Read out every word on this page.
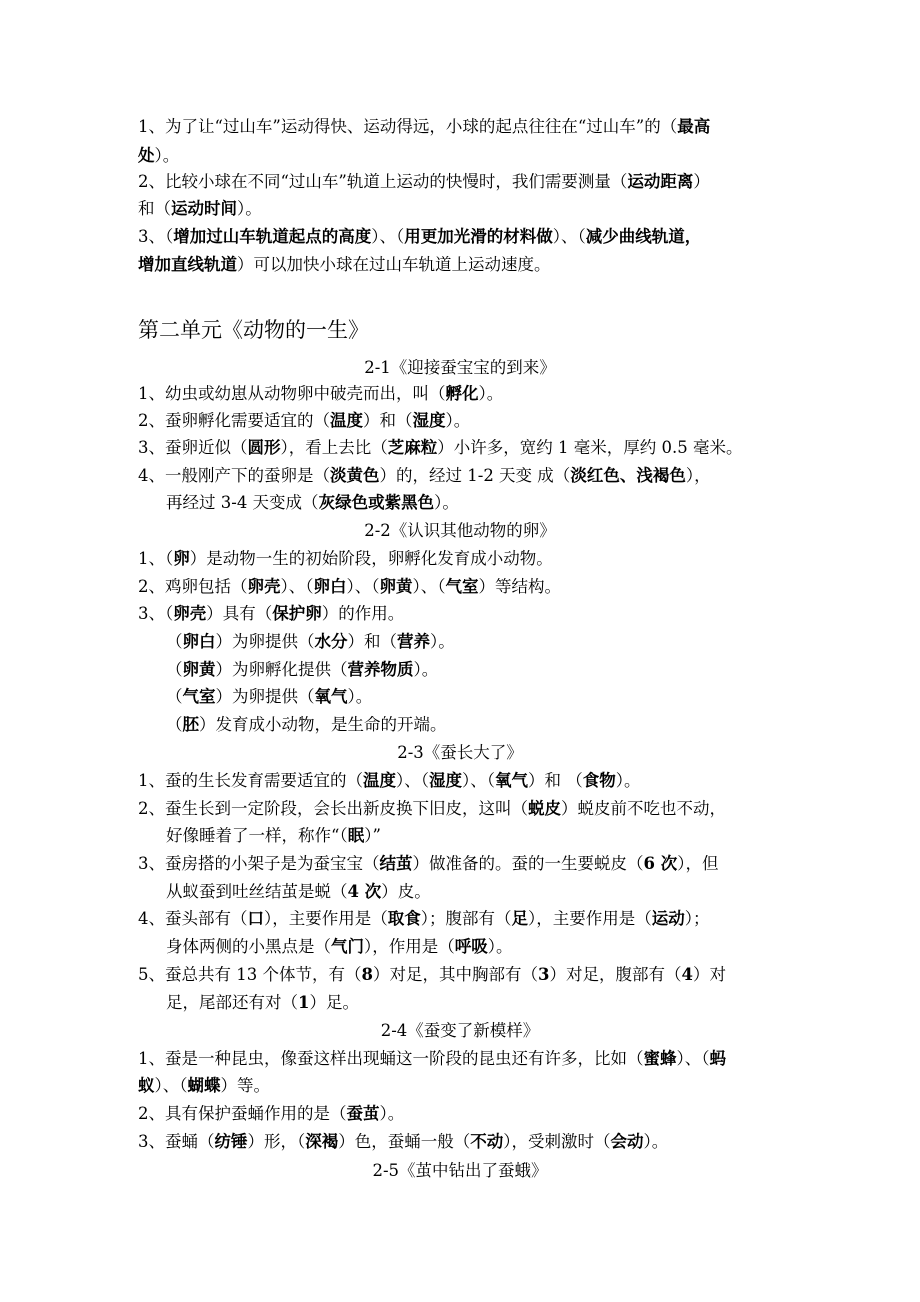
1、为了让“过山车”运动得快、运动得远，小球的起点往往在“过山车”的（最高
处）。
2、比较小球在不同“过山车”轨道上运动的快慢时，我们需要测量（运动距离）
和（运动时间）。
3、（增加过山车轨道起点的高度）、（用更加光滑的材料做）、（减少曲线轨道，
增加直线轨道）可以加快小球在过山车轨道上运动速度。
第二单元《动物的一生》
2-1《迎接蚕宝宝的到来》
1、幼虫或幼崽从动物卵中破壳而出，叫（孵化）。
2、蚕卵孵化需要适宜的（温度）和（湿度）。
3、蚕卵近似（圆形），看上去比（芝麻粒）小许多，宽约 1 毫米，厚约 0.5 毫米。
4、一般刚产下的蚕卵是（淡黄色）的，经过 1-2 天变 成（淡红色、浅褐色），
再经过 3-4 天变成（灰绿色或紫黑色）。
2-2《认识其他动物的卵》
1、（卵）是动物一生的初始阶段，卵孵化发育成小动物。
2、鸡卵包括（卵壳）、（卵白）、（卵黄）、（气室）等结构。
3、（卵壳）具有（保护卵）的作用。
（卵白）为卵提供（水分）和（营养）。
（卵黄）为卵孵化提供（营养物质）。
（气室）为卵提供（氧气）。
（胚）发育成小动物，是生命的开端。
2-3《蚕长大了》
1、蚕的生长发育需要适宜的（温度）、（湿度）、（氧气）和 （食物）。
2、蚕生长到一定阶段，会长出新皮换下旧皮，这叫（蜕皮）蜕皮前不吃也不动，
好像睡着了一样，称作“（眠）”
3、蚕房搭的小架子是为蚕宝宝（结茧）做准备的。蚕的一生要蜕皮（6 次），但
从蚁蚕到吐丝结茧是蜕（4 次）皮。
4、蚕头部有（口），主要作用是（取食）；腹部有（足），主要作用是（运动）；
身体两侧的小黑点是（气门），作用是（呼吸）。
5、蚕总共有 13 个体节，有（8）对足，其中胸部有（3）对足，腹部有（4）对
足，尾部还有对（1）足。
2-4《蚕变了新模样》
1、蚕是一种昆虫，像蚕这样出现蛹这一阶段的昆虫还有许多，比如（蜜蜂）、（蚂
蚁）、（蝴蝶）等。
2、具有保护蚕蛹作用的是（蚕茧）。
3、蚕蛹（纺锤）形，（深褐）色，蚕蛹一般（不动），受刺激时（会动）。
2-5《茧中钻出了蚕蛾》
